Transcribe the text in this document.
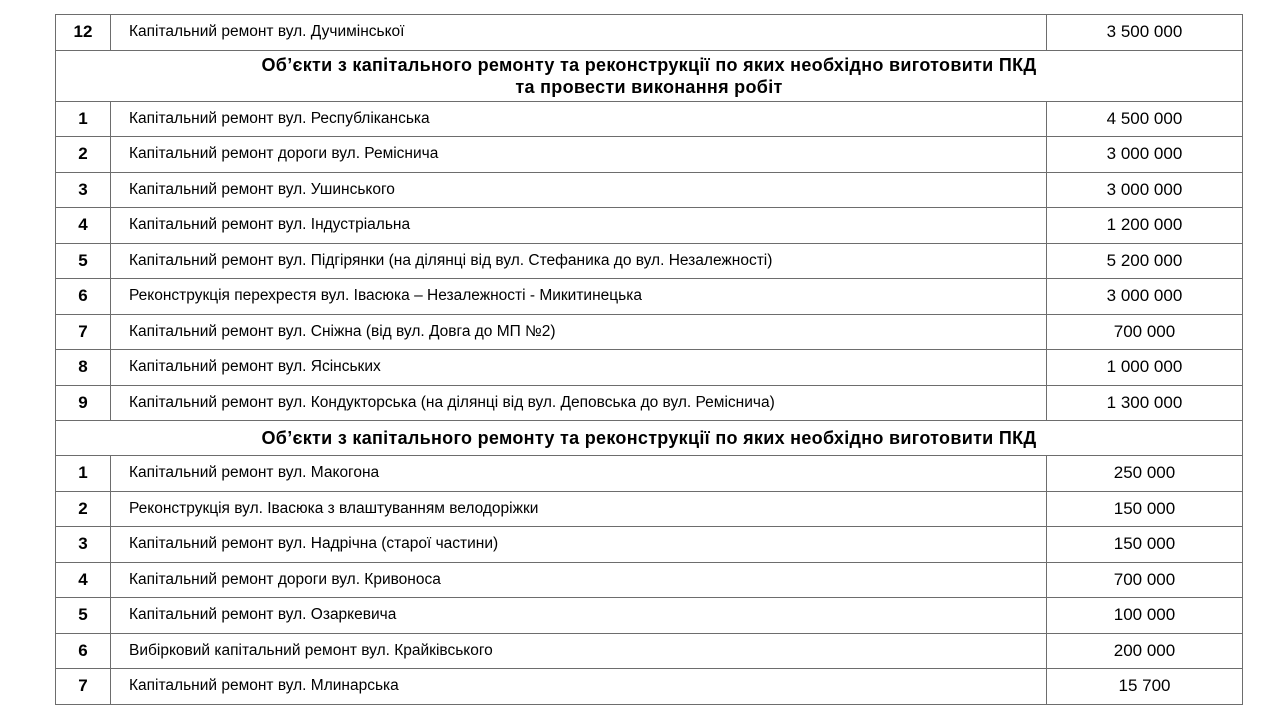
12	Капітальний ремонт вул. Дучимінської	3 500 000

Об’єкти з капітального ремонту та реконструкції по яких необхідно виготовити ПКД
та провести виконання робіт		

1	Капітальний ремонт вул. Республіканська	4 500 000
2	Капітальний ремонт дороги вул. Ремісничa	3 000 000
3	Капітальний ремонт вул. Ушинського	3 000 000
4	Капітальний ремонт вул. Індустріальна	1 200 000
5	Капітальний ремонт вул. Підгірянки (на ділянці від вул. Стефаника до вул. Незалежності)	5 200 000
6	Реконструкція перехрестя вул. Івасюка – Незалежності - Микитинецька	3 000 000
7	Капітальний ремонт вул. Сніжна (від вул. Довга до МП №2)	700 000
8	Капітальний ремонт вул. Ясінських	1 000 000
9	Капітальний ремонт вул. Кондукторська (на ділянці від вул. Деповська до вул. Ремісничa)	1 300 000
Об’єкти з капітального ремонту та реконструкції по яких необхідно виготовити ПКД		
1	Капітальний ремонт вул. Макогона	250 000
2	Реконструкція вул. Івасюка з влаштуванням велодоріжки	150 000
3	Капітальний ремонт вул. Надрічна (старої частини)	150 000
4	Капітальний ремонт дороги вул. Кривоноса	700 000
5	Капітальний ремонт вул. Озаркевича	100 000
6	Вибірковий капітальний ремонт вул. Крайківського	200 000
7	Капітальний ремонт вул. Млинарська	15 700
